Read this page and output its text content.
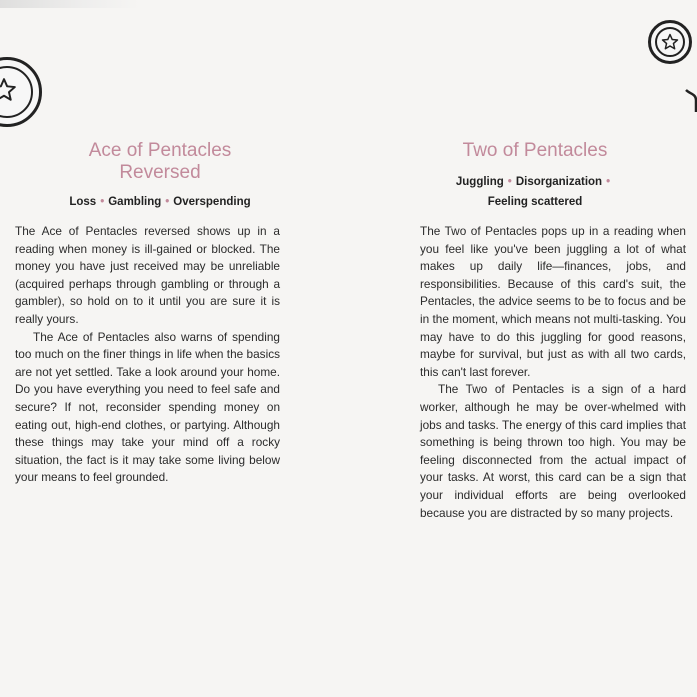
Ace of Pentacles
Reversed
Loss • Gambling • Overspending

The Ace of Pentacles reversed shows up in a reading when money is ill-gained or blocked. The money you have just received may be unreliable (acquired perhaps through gambling or through a gambler), so hold on to it until you are sure it is really yours.

The Ace of Pentacles also warns of spending too much on the finer things in life when the basics are not yet settled. Take a look around your home. Do you have everything you need to feel safe and secure? If not, reconsider spending money on eating out, high-end clothes, or partying. Although these things may take your mind off a rocky situation, the fact is it may take some living below your means to feel grounded.

Two of Pentacles
Juggling • Disorganization •
Feeling scattered

The Two of Pentacles pops up in a reading when you feel like you've been juggling a lot of what makes up daily life—finances, jobs, and responsibilities. Because of this card's suit, the Pentacles, the advice seems to be to focus and be in the moment, which means not multi-tasking. You may have to do this juggling for good reasons, maybe for survival, but just as with all two cards, this can't last forever.

The Two of Pentacles is a sign of a hard worker, although he may be over-whelmed with jobs and tasks. The energy of this card implies that something is being thrown too high. You may be feeling disconnected from the actual impact of your tasks. At worst, this card can be a sign that your individual efforts are being overlooked because you are distracted by so many projects.
